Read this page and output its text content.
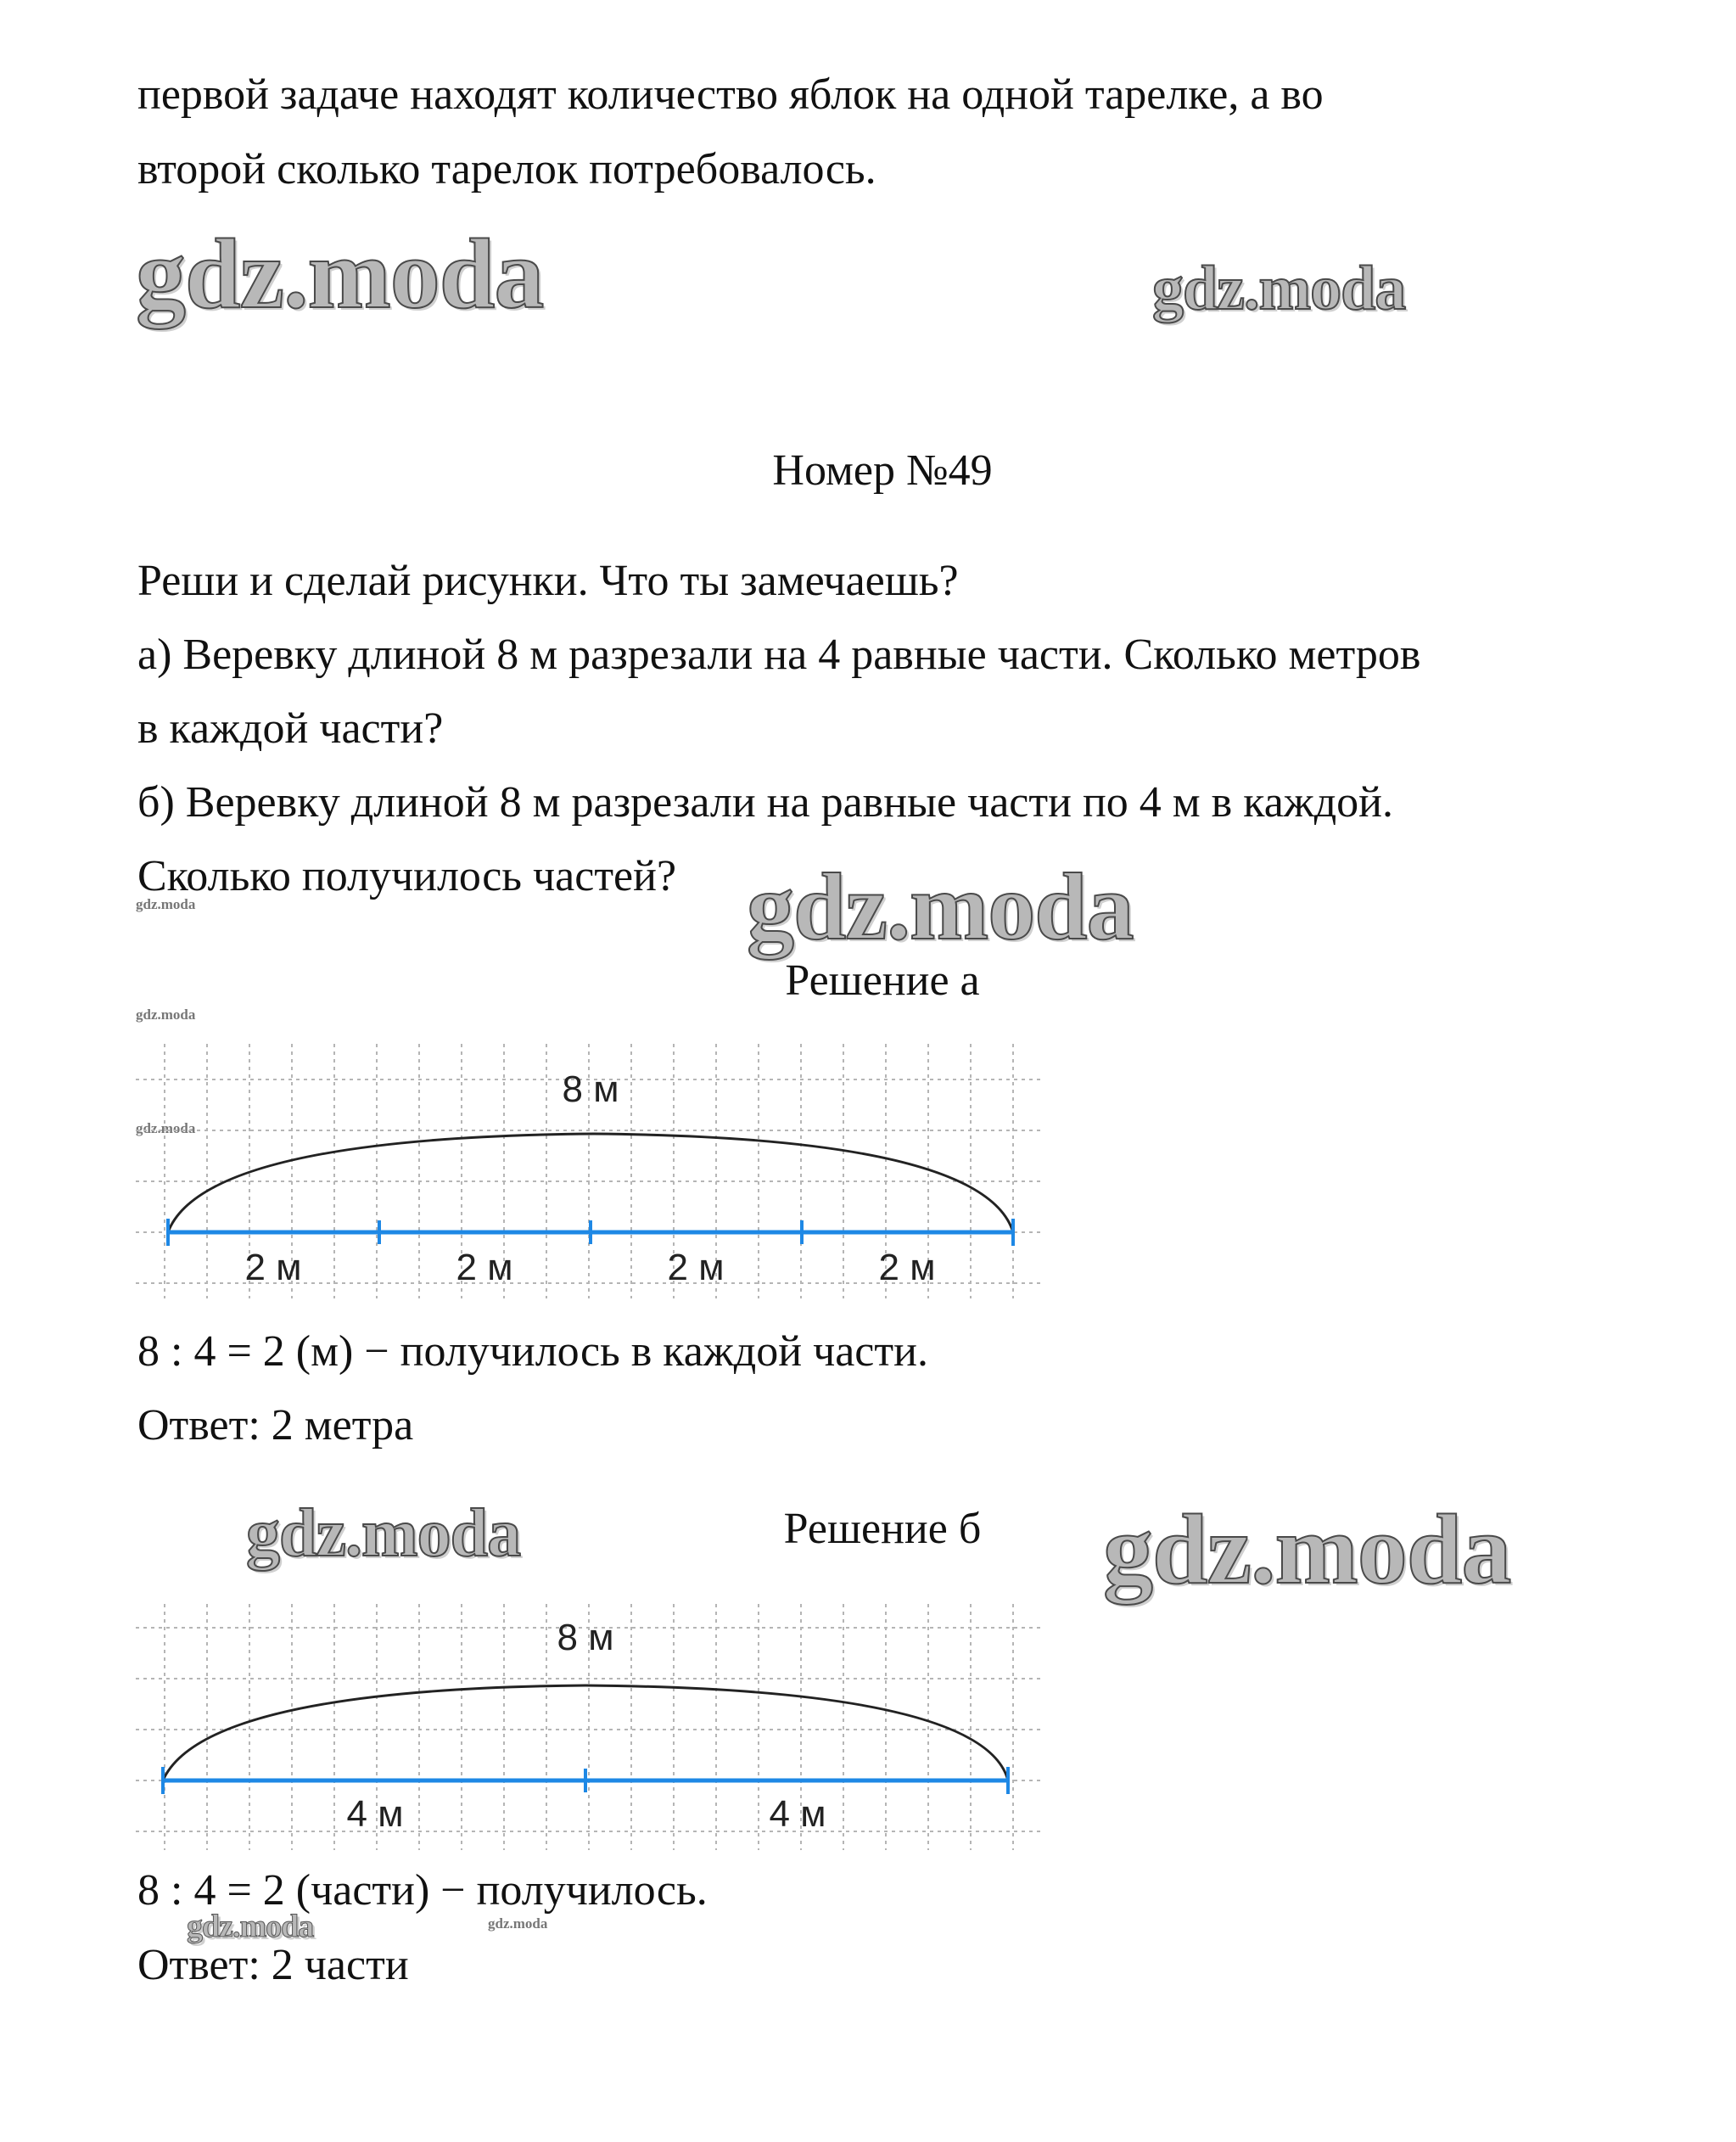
первой задаче находят количество яблок на одной тарелке, а во
второй сколько тарелок потребовалось.
gdz.moda	gdz.moda
Номер №49
Реши и сделай рисунки. Что ты замечаешь?
а) Веревку длиной 8 м разрезали на 4 равные части. Сколько метров
в каждой части?
б) Веревку длиной 8 м разрезали на равные части по 4 м в каждой.
Сколько получилось частей? gdz.moda
gdz.moda
Решение а
gdz.moda
gdz.moda
8 м
2 м	2 м	2 м	2 м
8 : 4 = 2 (м) − получилось в каждой части.
Ответ: 2 метра
gdz.moda	Решение б	gdz.moda
8 м
4 м	4 м
8 : 4 = 2 (части) − получилось.
gdz.moda	gdz.moda
Ответ: 2 части
